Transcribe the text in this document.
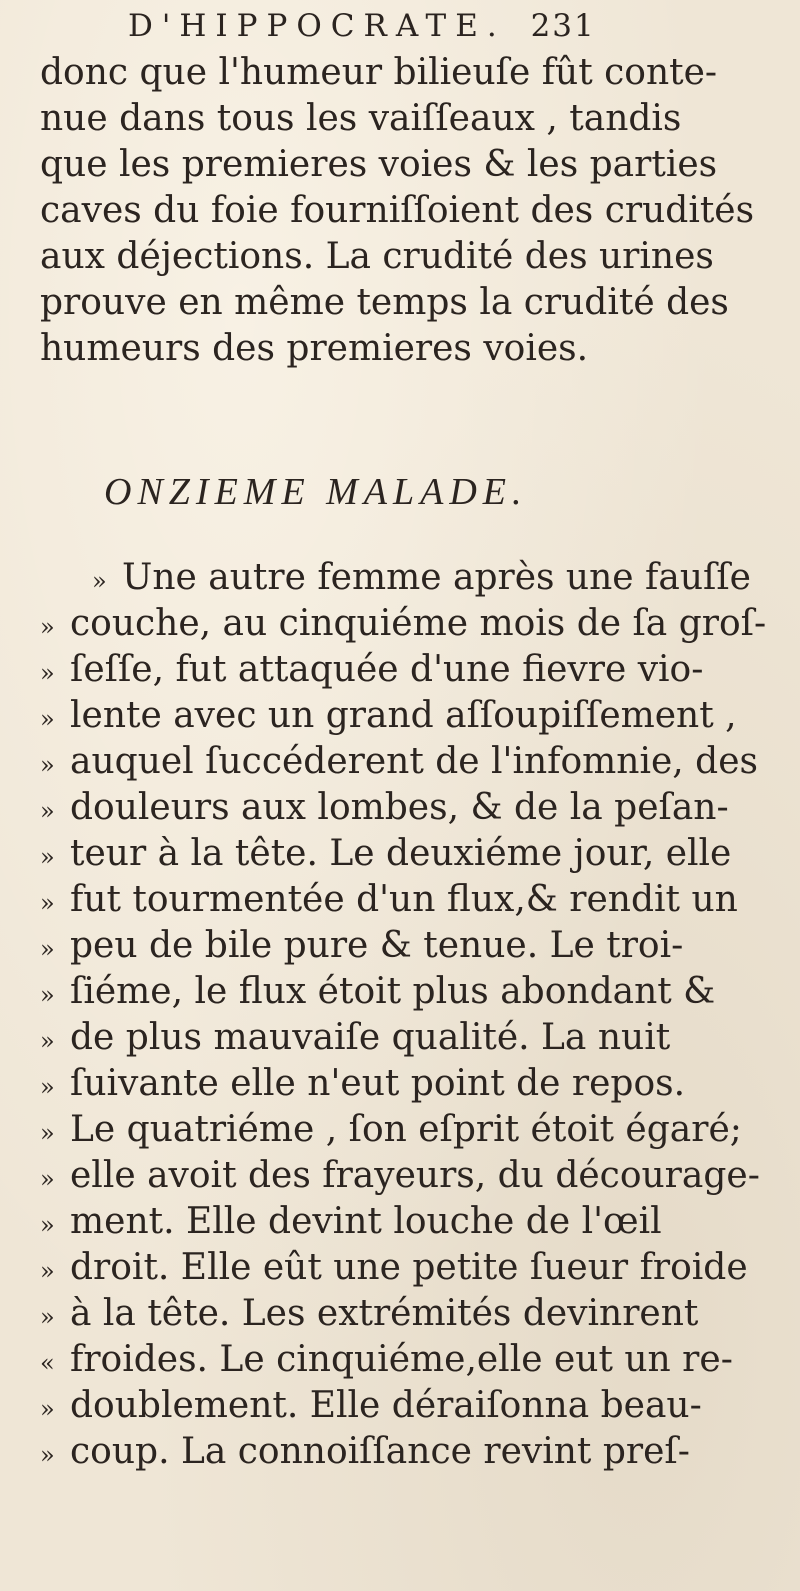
D'HIPPOCRATE. 231
donc que l'humeur bilieuſe fût conte-
nue dans tous les vaiſſeaux , tandis
que les premieres voies & les parties
caves du foie fourniſſoient des crudités
aux déjections. La crudité des urines
prouve en même temps la crudité des
humeurs des premieres voies.
ONZIEME MALADE.
» Une autre femme après une fauſſe
» couche, au cinquiéme mois de ſa groſ-
» ſeſſe, fut attaquée d'une fievre vio-
» lente avec un grand aſſoupiſſement ,
» auquel ſuccéderent de l'infomnie, des
» douleurs aux lombes, & de la peſan-
» teur à la tête. Le deuxiéme jour, elle
» fut tourmentée d'un flux,& rendit un
» peu de bile pure & tenue. Le troi-
» ſiéme, le flux étoit plus abondant &
» de plus mauvaiſe qualité. La nuit
» ſuivante elle n'eut point de repos.
» Le quatriéme , ſon eſprit étoit égaré;
» elle avoit des frayeurs, du décourage-
» ment. Elle devint louche de l'œil
» droit. Elle eût une petite ſueur froide
» à la tête. Les extrémités devinrent
« froides. Le cinquiéme,elle eut un re-
» doublement. Elle déraiſonna beau-
» coup. La connoiſſance revint preſ-
